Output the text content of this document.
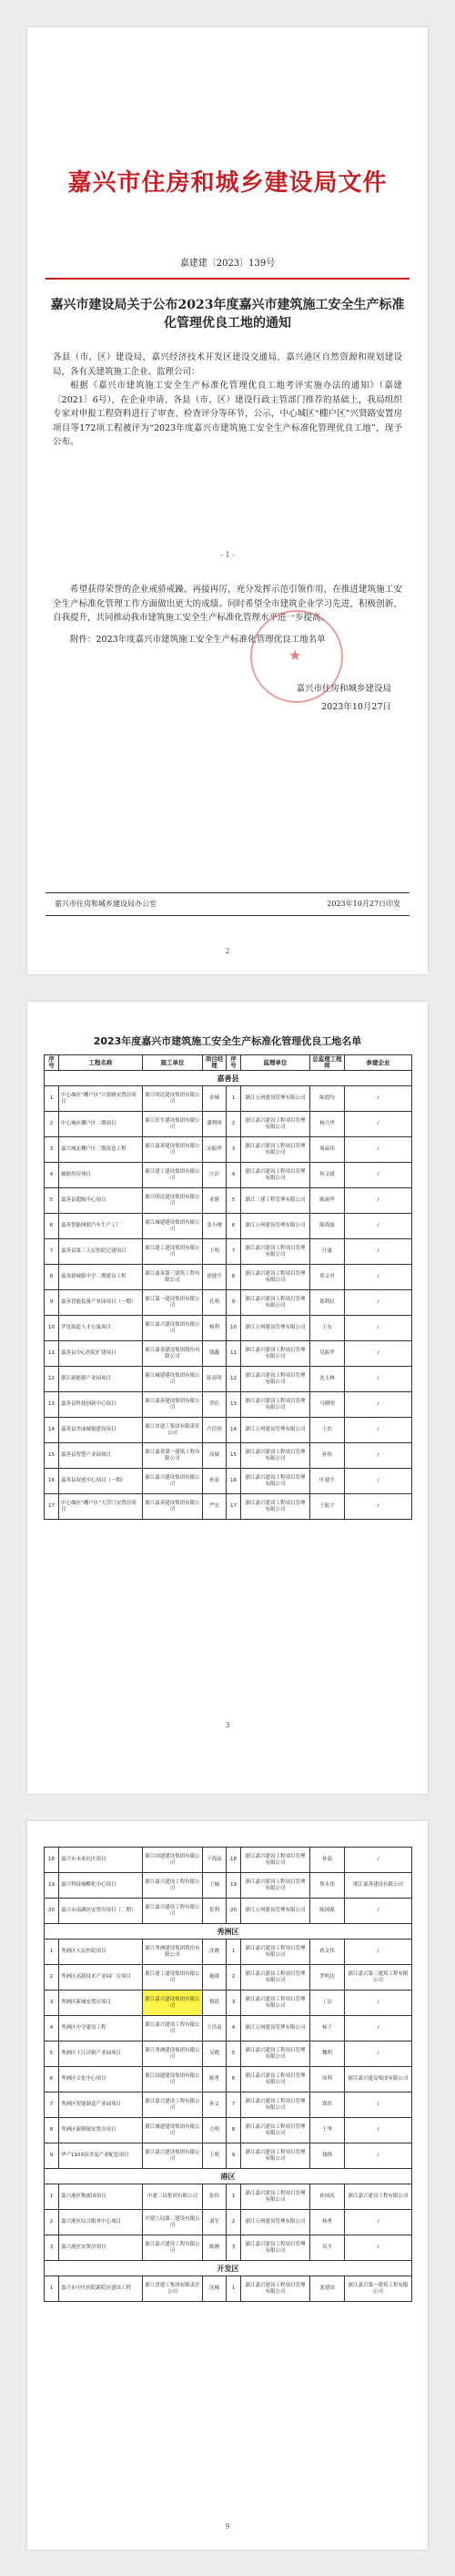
嘉兴市住房和城乡建设局文件
嘉建建〔2023〕139号
嘉兴市建设局关于公布2023年度嘉兴市建筑施工安全生产标准化管理优良工地的通知

各县（市、区）建设局，嘉兴经济技术开发区建设交通局，嘉兴港区自然资源和规划建设局，各有关建筑施工企业、监理公司：

根据《嘉兴市建筑施工安全生产标准化管理优良工地考评实施办法的通知》（嘉建〔2021〕6号），在企业申请、各县（市、区）建设行政主管部门推荐的基础上，我局组织专家对申报工程资料进行了审查、检查评分等环节，公示，中心城区“棚户区”兴贤路安置房项目等172项工程被评为“2023年度嘉兴市建筑施工安全生产标准化管理优良工地”，现予公布。

- 1 -

希望获得荣誉的企业戒骄戒躁、再接再厉，充分发挥示范引领作用，在推进建筑施工安全生产标准化管理工作方面做出更大的成绩。同时希望全市建筑企业学习先进，积极创新，自我提升，共同推动我市建筑施工安全生产标准化管理水平进一步提高。

附件：2023年度嘉兴市建筑施工安全生产标准化管理优良工地名单

★
嘉兴市住房和城乡建设局
2023年10月27日
嘉兴市住房和城乡建设局办公室	2023年10月27日印发
2
2023年度嘉兴市建筑施工安全生产标准化管理优良工地名单
序号	工程名称	施工单位	项目经理	序号	监理单位	总监理工程师	参建企业
嘉善县							
1	中心城区“棚户区”兴贤路安置房项目	浙江明达建设集团有限公司	金城	1	浙江五州建设管理有限公司	陈德均	/
2	中心城区棚户区二期项目	浙江佳生建设集团有限公司	潘利明	2	浙江嘉兴建设工程项目管理有限公司	杨兴华	/
3	嘉兴城北棚户区二期改造工程	浙江嘉善建设集团有限公司	宋振华	3	浙江嘉兴建设工程项目管理有限公司	周晶伟	/
4	辅助用房项目	浙江建工建设集团有限公司	庄洁	4	浙江嘉兴建设工程项目管理有限公司	何文斌	/
5	嘉善县超级中心项目	浙江明达建设集团有限公司	金鼎	5	浙江三建工程管理有限公司	陈丽华	/
6	嘉善智能网联汽车生产工厂	浙江城建建设集团有限公司	张小刚	6	浙江五州建设管理有限公司	陈海波	/
7	嘉善县第三人民医院迁建项目	浙江建工建设集团有限公司	王明	7	浙江嘉兴建设工程项目管理有限公司	汪惠	/
8	嘉善新城镇中学二期建设工程	浙江嘉善第三建筑工程有限公司	徐建平	8	浙江嘉兴建设工程项目管理有限公司	郑文君	/
9	嘉善智能装备产业园项目（一期）	浙江第一建设集团有限公司	孔明	9	浙江嘉兴建设工程项目管理有限公司	郑利民	/
10	罗星街道人才公寓项目	浙江嘉兴建设集团有限公司	柯利	10	浙江五州建设管理有限公司	王东	/
11	嘉善县中心医院扩建项目	浙江嘉善建设集团股份有限公司	钱鑫	11	浙江嘉兴建设工程项目管理有限公司	吴振华	/
12	浙江新能源产业园项目	浙江城建建设集团有限公司	陆春明	12	浙江嘉兴建设工程项目管理有限公司	沈玉林	/
13	嘉善县科技创新中心项目	浙江嘉善建设集团有限公司	罗佳	13	浙江嘉兴建设工程项目管理有限公司	马晓明	/
14	嘉善县美丽城镇建设项目	浙江省建工集团有限责任公司	卢信伟	14	浙江五州建设管理有限公司	王浩	/
15	嘉善县智慧产业园项目	浙江嘉善第一建筑工程有限公司	高城	15	浙江嘉兴建设工程项目管理有限公司	孙伟	/
16	嘉善县双创中心项目（一期）	浙江嘉兴建设集团有限公司	孙春	16	浙江嘉兴建设工程项目管理有限公司	叶建平	/
17	中心城区“棚户区”大营门安置房项目	浙江嘉善建设集团有限公司	严宏	17	浙江嘉兴建设工程项目管理有限公司	王振宇	/
3
18	嘉兴市未来社区项目	浙江国建建设集团有限公司	于海南	18	浙江嘉兴建设工程项目管理有限公司	孙蕊	/
19	嘉兴科技城孵化中心项目	浙江嘉兴建设工程有限公司	王城	19	浙江嘉兴建设工程项目管理有限公司	蔡永伟	浙江嘉善建设有限公司
20	嘉兴市南湖区安置房项目（二期）	浙江嘉兴建设工程有限公司	张利	20	浙江五州建设管理有限公司	陈国强	/
秀洲区							
1	秀洲区人民医院项目	浙江秀洲建设集团股份有限公司	沈晓	1	浙江嘉兴建设工程项目管理有限公司	蒋文伟	/
2	秀洲区高新技术产业园厂房项目	浙江建工建设集团有限公司	施维	2	浙江嘉兴建设工程项目管理有限公司	罗明达	浙江嘉兴第三建筑工程有限公司
3	秀洲区新城安置房项目	浙江嘉兴建设集团有限公司	蔡晨	3	浙江嘉兴建设工程项目管理有限公司	丁洁	/
4	秀洲区中学建设工程	浙江嘉兴建设工程有限公司	王浩南	4	浙江五州建设管理有限公司	杨子	/
5	秀洲区王江泾镇产业园项目	浙江秀洲建设集团有限公司	吴晓	5	浙江嘉兴建设工程项目管理有限公司	魏明	/
6	秀洲区文化中心项目	浙江国建建设集团有限公司	陈勇	6	浙江嘉兴建设工程项目管理有限公司	周利	浙江嘉兴建设集团有限公司
7	秀洲区智能制造产业园项目	浙江嘉兴建设工程有限公司	孙义	7	浙江嘉兴建设工程项目管理有限公司	郑伟	/
8	秀洲区新塍镇安置房项目	浙江城建建设集团有限公司	方明	8	浙江嘉兴建设工程项目管理有限公司	王华	/
9	华产1103宿舍及产业配套项目	浙江嘉兴建设集团有限公司	王明	9	浙江嘉兴建设工程项目管理有限公司	钱锋	/
港区							
1	嘉兴港区物流园项目	中建三局集团有限公司	张伟	1	浙江嘉兴建设工程项目管理有限公司	孙国庆	浙江嘉兴建设工程有限公司
2	嘉兴港区综合服务中心项目	中建八局第二建设有限公司	刘军	2	浙江五州建设管理有限公司	杨勇	/
3	嘉兴港区安置房项目	浙江嘉兴建设工程有限公司	陈刚	3	浙江嘉兴建设工程项目管理有限公司	吴平	/
开发区							
1	嘉兴市中医医院新院区建设工程	浙江省建工集团有限责任公司	沈城	1	浙江嘉兴建设工程项目管理有限公司	张建国	浙江嘉兴第一建筑工程有限公司
9
